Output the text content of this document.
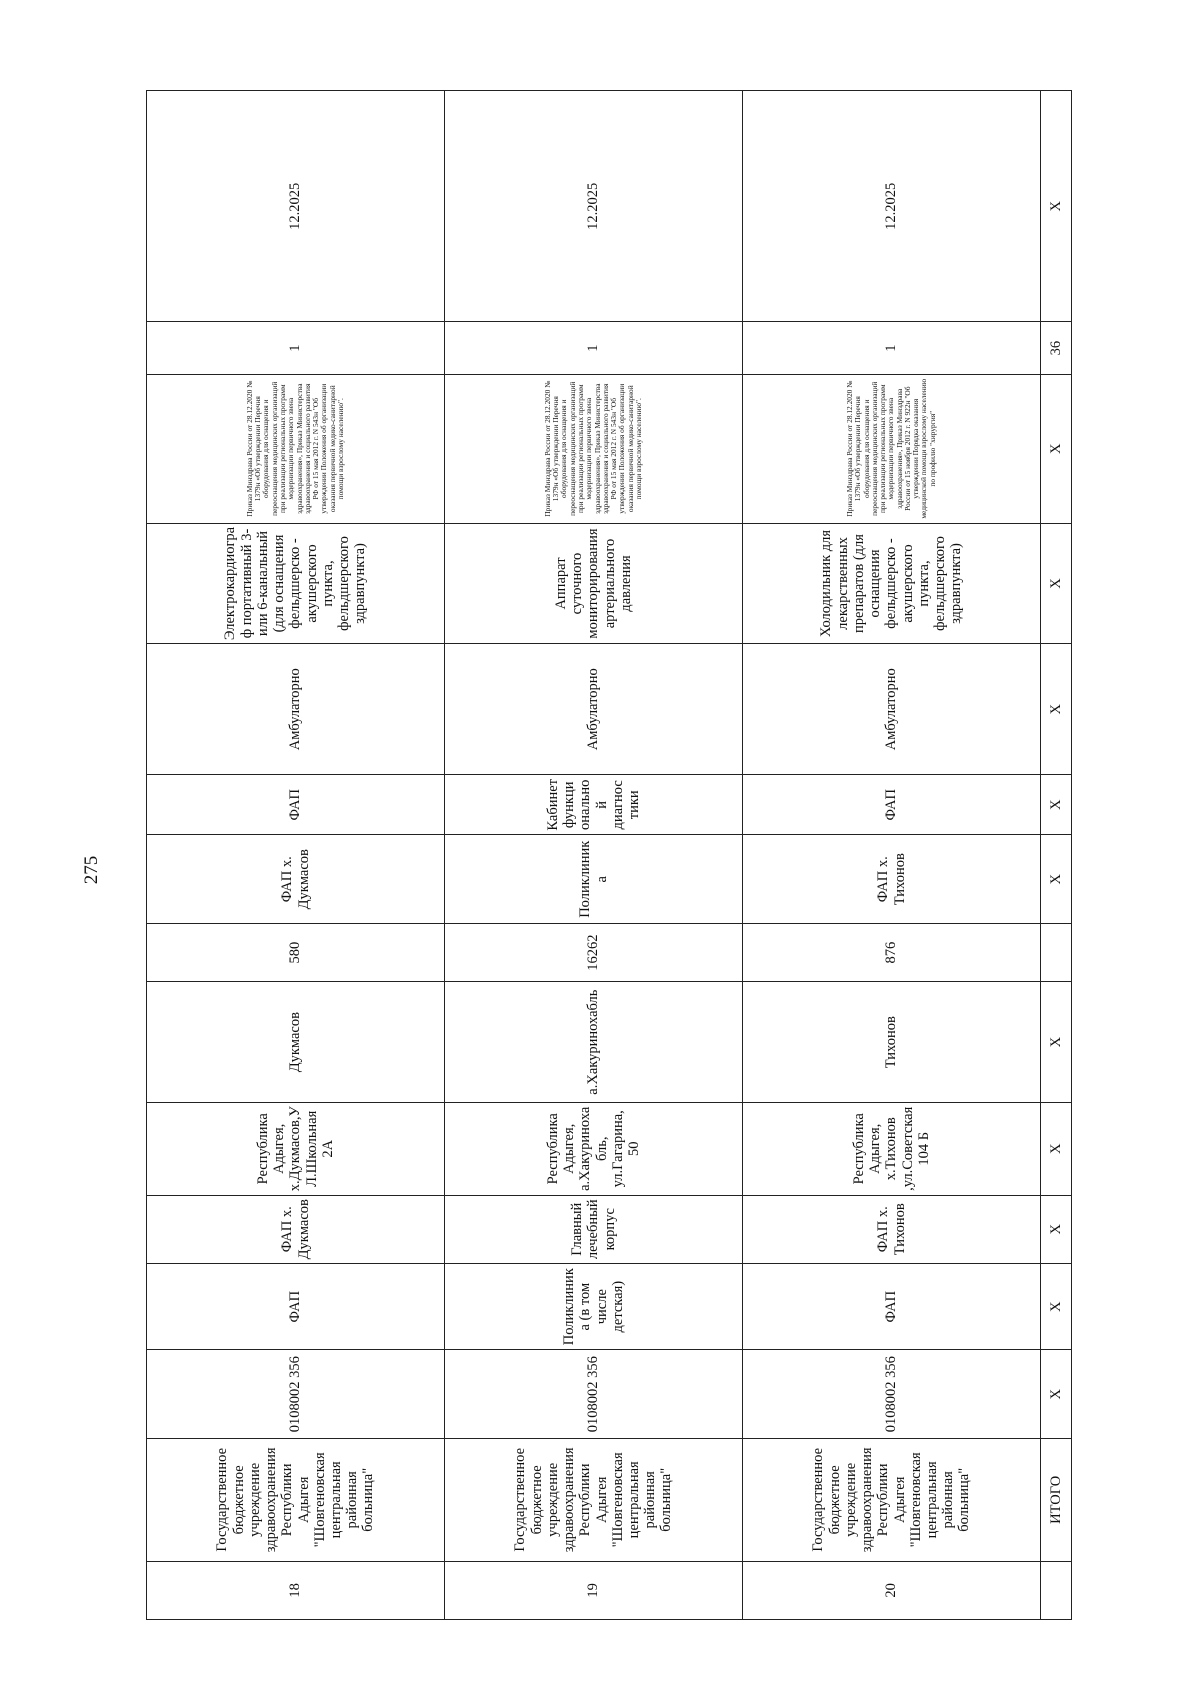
275
18	Государственное бюджетное учреждение здравоохранения Республики Адыгея "Шовгеновская центральная районная больница"	0108002 356	ФАП	ФАП х. Дукмасов	Республика Адыгея, х.Дукмасов,УЛ.Школьная 2А	Дукмасов	580	ФАП х. Дукмасов	ФАП	Амбулаторно	Электрокардиограф портативный 3- или 6-канальный (для оснащения фельдшерско - акушерского пункта, фельдшерского здравпункта)	Приказ Минздрава России от 28.12.2020 № 1379н «Об утверждении Перечня оборудования для оснащения и переоснащения медицинских организаций при реализации региональных программ модернизации первичного звена здравоохранения», Приказ Министерства здравоохранения и социального развития РФ от 15 мая 2012 г. N 543н "Об утверждении Положения об организации оказания первичной медико-санитарной помощи взрослому населению".	1	12.2025
19	Государственное бюджетное учреждение здравоохранения Республики Адыгея "Шовгеновская центральная районная больница"	0108002 356	Поликлиника (в том числе детская)	Главный лечебный корпус	Республика Адыгея, а.Хакуринохабль, ул.Гагарина, 50	а.Хакуринохабль	16262	Поликлиника	Кабинет функциональной диагностики	Амбулаторно	Аппарат суточного мониторирования артериального давления	Приказ Минздрава России от 28.12.2020 № 1379н «Об утверждении Перечня оборудования для оснащения и переоснащения медицинских организаций при реализации региональных программ модернизации первичного звена здравоохранения», Приказ Министерства здравоохранения и социального развития РФ от 15 мая 2012 г. N 543н "Об утверждении Положения об организации оказания первичной медико-санитарной помощи взрослому населению".	1	12.2025
20	Государственное бюджетное учреждение здравоохранения Республики Адыгея "Шовгеновская центральная районная больница"	0108002 356	ФАП	ФАП х. Тихонов	Республика Адыгея, х.Тихонов ,ул.Советская 104 Б	Тихонов	876	ФАП х. Тихонов	ФАП	Амбулаторно	Холодильник для лекарственных препаратов (для оснащения фельдшерско - акушерского пункта, фельдшерского здравпункта)	Приказ Минздрава России от 28.12.2020 № 1379н «Об утверждении Перечня оборудования для оснащения и переоснащения медицинских организаций при реализации региональных программ модернизации первичного звена здравоохранения», Приказ Минздрава России от 15 ноября 2012 г. N 922н "Об утверждении Порядка оказания медицинской помощи взрослому населению по профилю "хирургия"	1	12.2025
	ИТОГО	X	X	X	X	X		X	X	X	X	X	36	X
